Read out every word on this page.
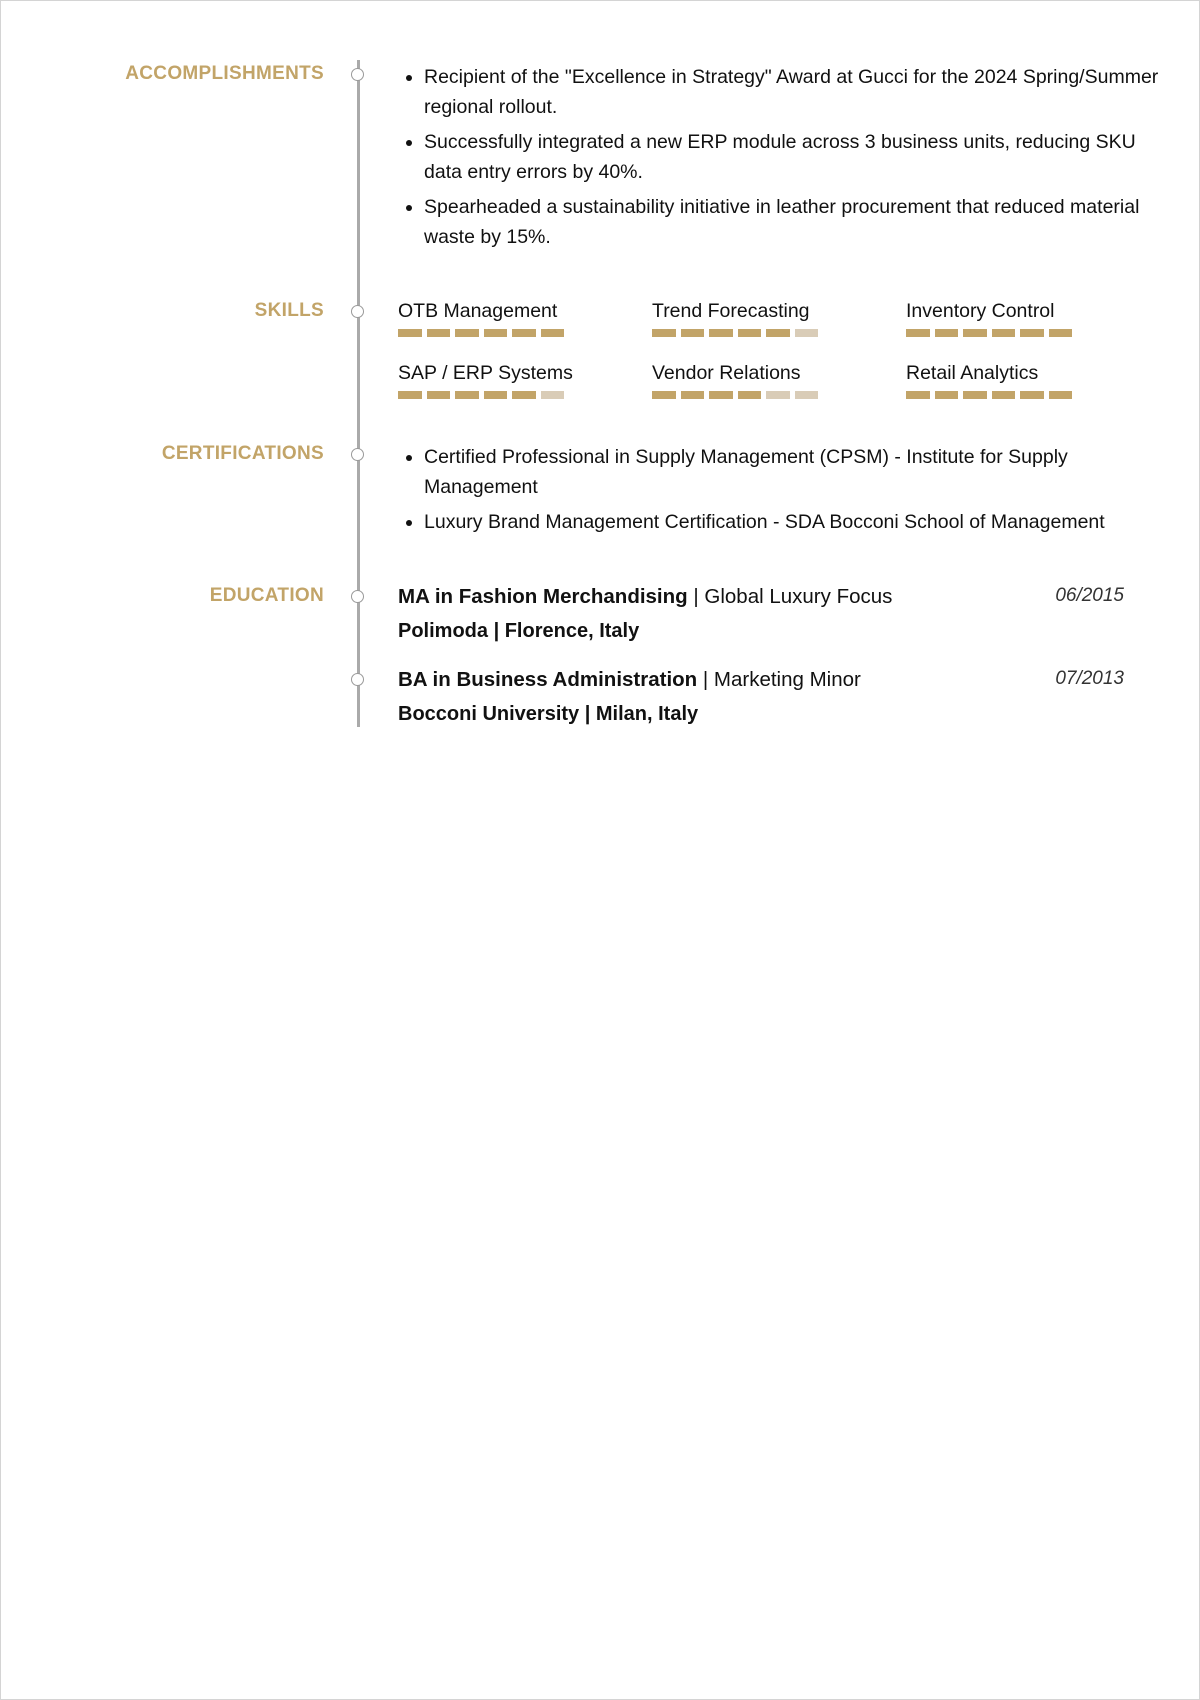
ACCOMPLISHMENTS	• Recipient of the "Excellence in Strategy" Award at Gucci for the 2024 Spring/Summer regional rollout.
• Successfully integrated a new ERP module across 3 business units, reducing SKU data entry errors by 40%.
• Spearheaded a sustainability initiative in leather procurement that reduced material waste by 15%.
SKILLS	OTB Management	Trend Forecasting	Inventory Control
SAP / ERP Systems	Vendor Relations	Retail Analytics
CERTIFICATIONS	• Certified Professional in Supply Management (CPSM) - Institute for Supply Management
• Luxury Brand Management Certification - SDA Bocconi School of Management
EDUCATION	MA in Fashion Merchandising | Global Luxury Focus	06/2015
Polimoda | Florence, Italy
BA in Business Administration | Marketing Minor	07/2013
Bocconi University | Milan, Italy
